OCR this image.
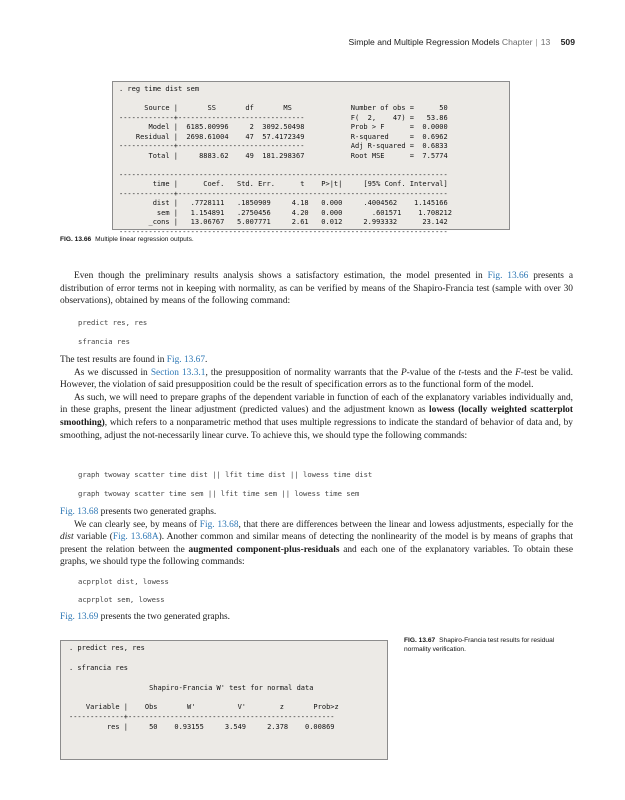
Simple and Multiple Regression Models Chapter | 13 509
. reg time dist sem

Source |       SS       df       MS              Number of obs =      50
-------------+------------------------------           F(  2,    47) =   53.86
Model |  6185.00996     2  3092.50498           Prob > F      =  0.0000
Residual |  2698.61004    47  57.4172349           R-squared     =  0.6962
-------------+------------------------------           Adj R-squared =  0.6833
Total |     8883.62    49  181.298367           Root MSE      =  7.5774

------------------------------------------------------------------------------
time |      Coef.   Std. Err.      t    P>|t|     [95% Conf. Interval]
-------------+----------------------------------------------------------------
dist |   .7728111   .1850909     4.18   0.000     .4004562    1.145166
sem |   1.154891   .2750456     4.20   0.000       .601571    1.708212
_cons |   13.06767   5.007771     2.61   0.012     2.993332      23.142
------------------------------------------------------------------------------
FIG. 13.66 Multiple linear regression outputs.

Even though the preliminary results analysis shows a satisfactory estimation, the model presented in Fig. 13.66 presents a distribution of error terms not in keeping with normality, as can be verified by means of the Shapiro-Francia test (sample with over 30 observations), obtained by means of the following command:

predict res, res
sfrancia res

The test results are found in Fig. 13.67.

As we discussed in Section 13.3.1, the presupposition of normality warrants that the P-value of the t-tests and the F-test be valid. However, the violation of said presupposition could be the result of specification errors as to the functional form of the model.

As such, we will need to prepare graphs of the dependent variable in function of each of the explanatory variables individually and, in these graphs, present the linear adjustment (predicted values) and the adjustment known as lowess (locally weighted scatterplot smoothing), which refers to a nonparametric method that uses multiple regressions to indicate the standard of behavior of data and, by smoothing, adjust the not-necessarily linear curve. To achieve this, we should type the following commands:

graph twoway scatter time dist || lfit time dist || lowess time dist
graph twoway scatter time sem || lfit time sem || lowess time sem

Fig. 13.68 presents two generated graphs.

We can clearly see, by means of Fig. 13.68, that there are differences between the linear and lowess adjustments, especially for the dist variable (Fig. 13.68A). Another common and similar means of detecting the nonlinearity of the model is by means of graphs that present the relation between the augmented component-plus-residuals and each one of the explanatory variables. To obtain these graphs, we should type the following commands:

acprplot dist, lowess
acprplot sem, lowess

Fig. 13.69 presents the two generated graphs.

. predict res, res

. sfrancia res

Shapiro-Francia W' test for normal data

Variable |    Obs       W'          V'        z       Prob>z
-------------+-------------------------------------------------
res |     50    0.93155     3.549     2.378    0.00869
FIG. 13.67 Shapiro-Francia test results for residual normality verification.
